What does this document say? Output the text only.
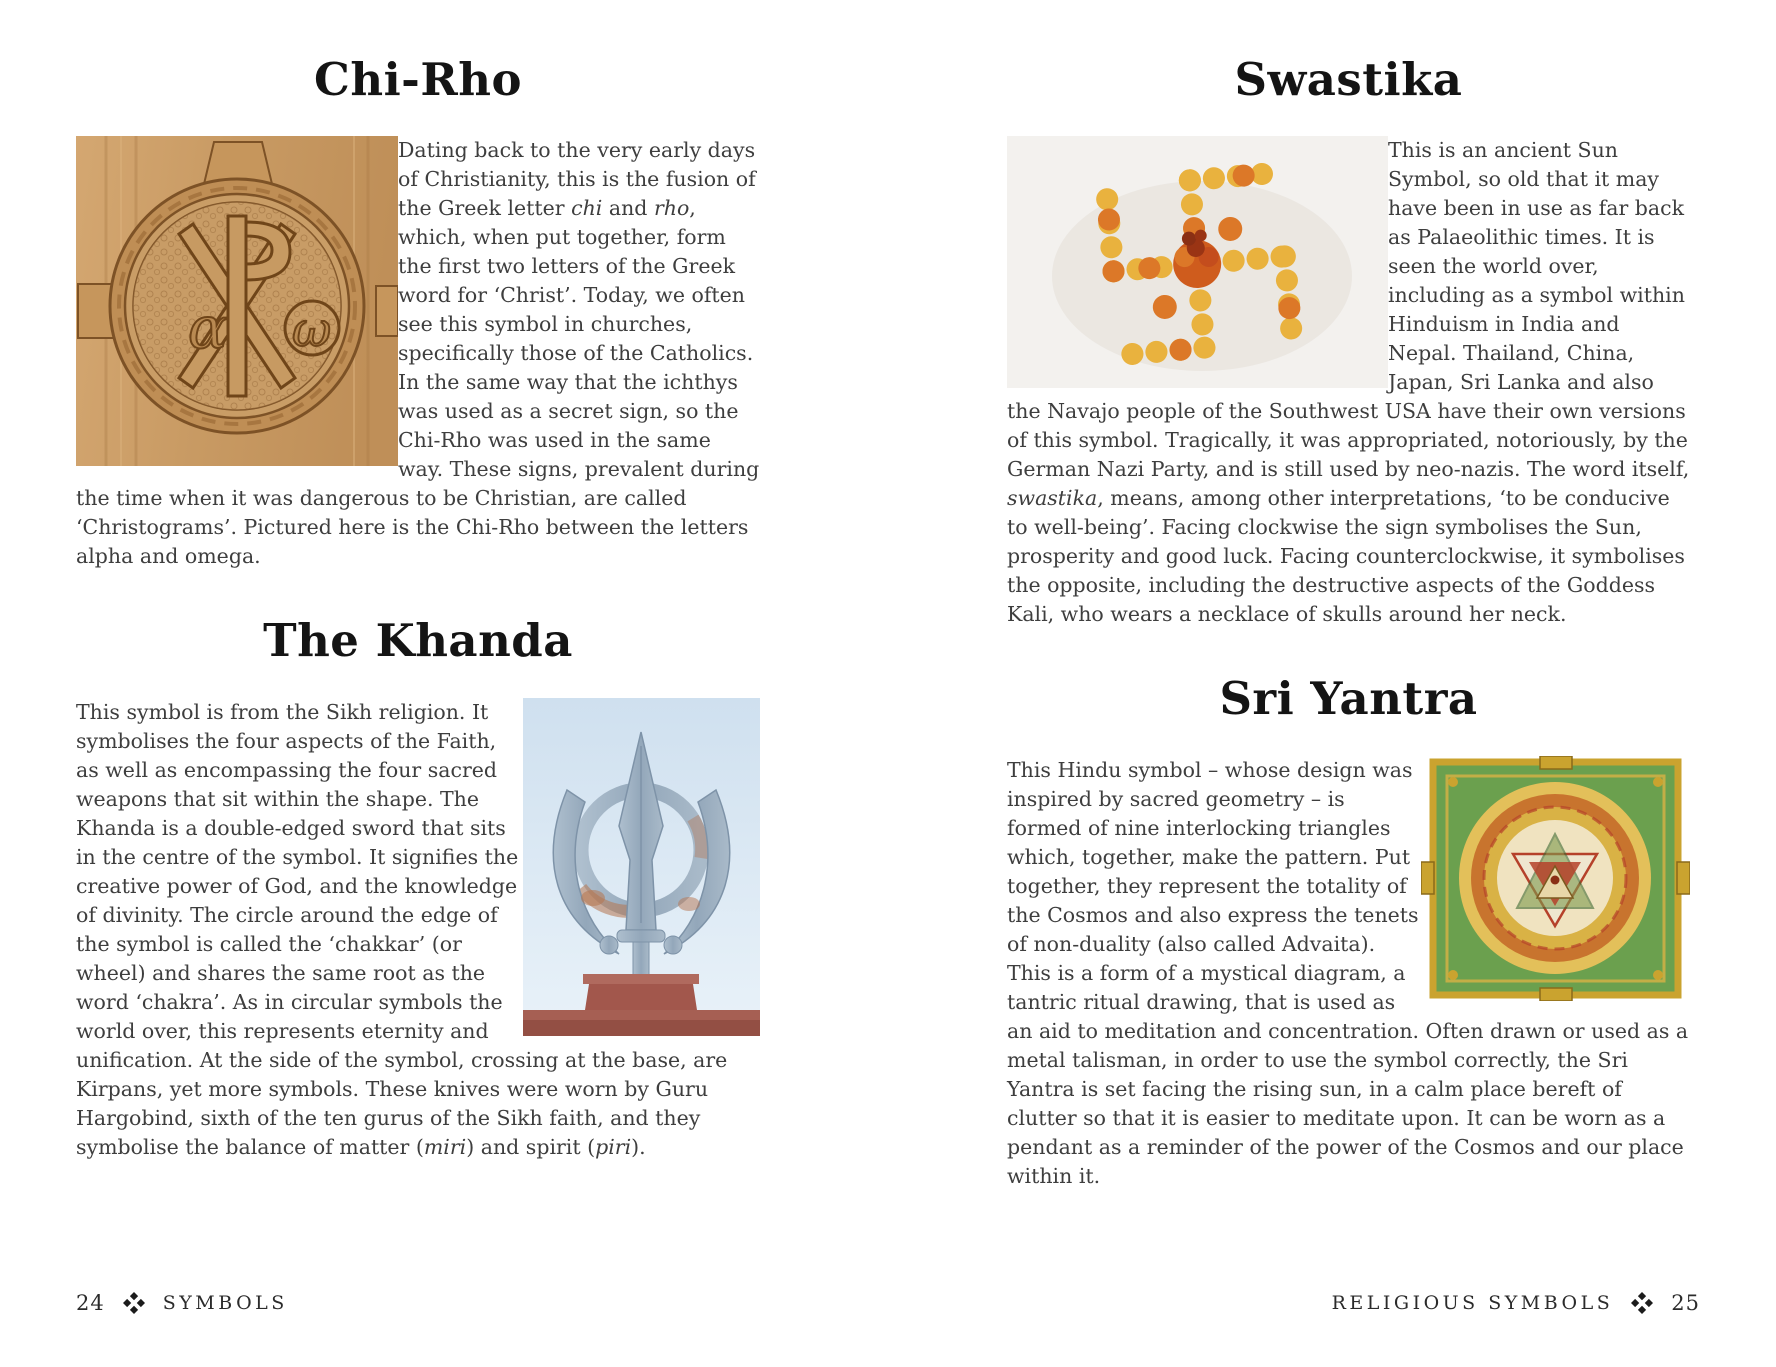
Chi-Rho
α ω

Dating back to the very early days of Christianity, this is the fusion of the Greek letter chi and rho, which, when put together, form the first two letters of the Greek word for ‘Christ’. Today, we often see this symbol in churches, specifically those of the Catholics. In the same way that the ichthys was used as a secret sign, so the Chi-Rho was used in the same way. These signs, prevalent during the time when it was dangerous to be Christian, are called ‘Christograms’. Pictured here is the Chi-Rho between the letters alpha and omega.

The Khanda

This symbol is from the Sikh religion. It symbolises the four aspects of the Faith, as well as encompassing the four sacred weapons that sit within the shape. The Khanda is a double-edged sword that sits in the centre of the symbol. It signifies the creative power of God, and the knowledge of divinity. The circle around the edge of the symbol is called the ‘chakkar’ (or wheel) and shares the same root as the word ‘chakra’. As in circular symbols the world over, this represents eternity and unification. At the side of the symbol, crossing at the base, are Kirpans, yet more symbols. These knives were worn by Guru Hargobind, sixth of the ten gurus of the Sikh faith, and they symbolise the balance of matter (miri) and spirit (piri).

24	SYMBOLS
Swastika

This is an ancient Sun Symbol, so old that it may have been in use as far back as Palaeolithic times. It is seen the world over, including as a symbol within Hinduism in India and Nepal. Thailand, China, Japan, Sri Lanka and also the Navajo people of the Southwest USA have their own versions of this symbol. Tragically, it was appropriated, notoriously, by the German Nazi Party, and is still used by neo-nazis. The word itself, swastika, means, among other interpretations, ‘to be conducive to well-being’. Facing clockwise the sign symbolises the Sun, prosperity and good luck. Facing counterclockwise, it symbolises the opposite, including the destructive aspects of the Goddess Kali, who wears a necklace of skulls around her neck.

Sri Yantra

This Hindu symbol – whose design was inspired by sacred geometry – is formed of nine interlocking triangles which, together, make the pattern. Put together, they represent the totality of the Cosmos and also express the tenets of non-duality (also called Advaita). This is a form of a mystical diagram, a tantric ritual drawing, that is used as an aid to meditation and concentration. Often drawn or used as a metal talisman, in order to use the symbol correctly, the Sri Yantra is set facing the rising sun, in a calm place bereft of clutter so that it is easier to meditate upon. It can be worn as a pendant as a reminder of the power of the Cosmos and our place within it.

RELIGIOUS SYMBOLS	25
